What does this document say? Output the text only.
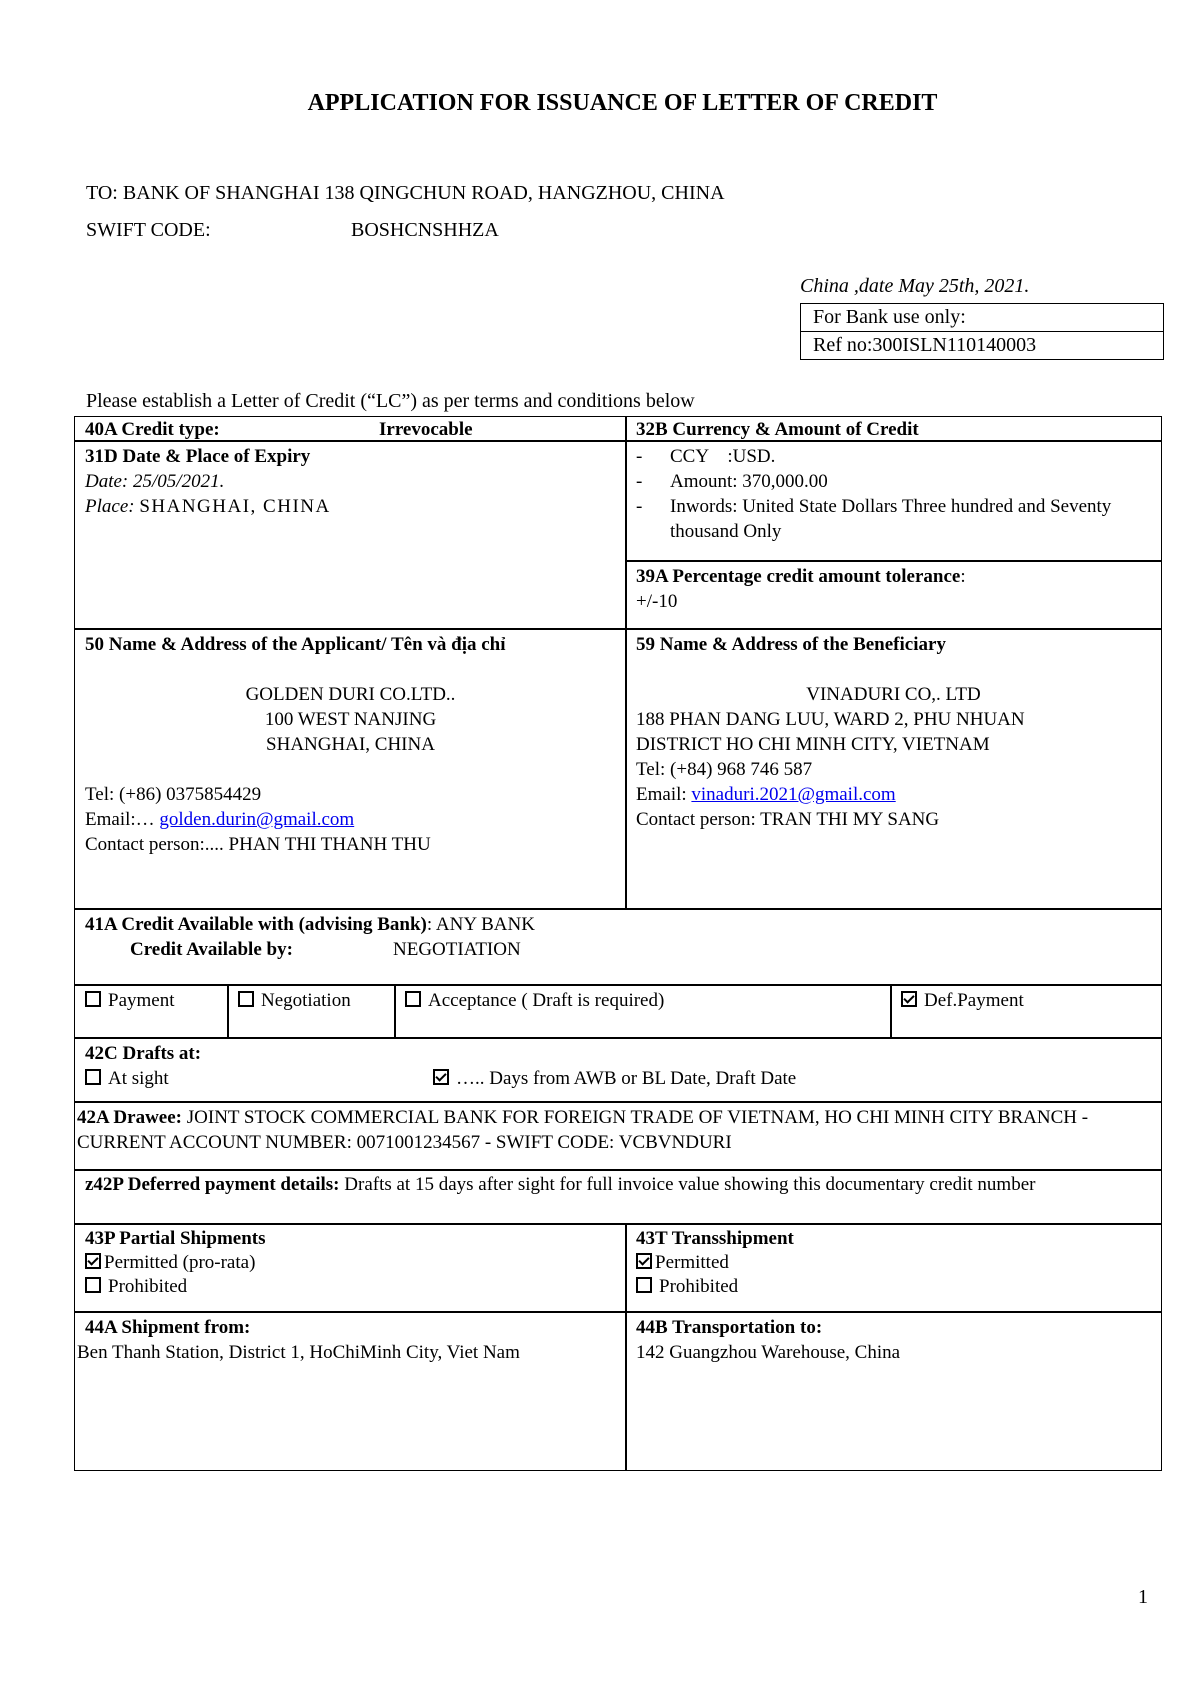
APPLICATION FOR ISSUANCE OF LETTER OF CREDIT
TO: BANK OF SHANGHAI 138 QINGCHUN ROAD, HANGZHOU, CHINA
SWIFT CODE:	BOSHCNSHHZA
China ,date May 25th, 2021.
For Bank use only:
Ref no:300ISLN110140003
Please establish a Letter of Credit (“LC”) as per terms and conditions below
40A Credit type:	Irrevocable	32B Currency & Amount of Credit
31D Date & Place of Expiry
Date: 25/05/2021.
Place: SHANGHAI, CHINA
-	CCY    :USD.
-	Amount: 370,000.00
-	Inwords: United State Dollars Three hundred and Seventy thousand Only
39A Percentage credit amount tolerance:
+/-10
50 Name & Address of the Applicant/ Tên và địa chỉ
GOLDEN DURI CO.LTD..
100 WEST NANJING
SHANGHAI, CHINA
Tel: (+86) 0375854429
Email:… golden.durin@gmail.com
Contact person:.... PHAN THI THANH THU
59 Name & Address of the Beneficiary
VINADURI CO,. LTD
188 PHAN DANG LUU, WARD 2, PHU NHUAN
DISTRICT HO CHI MINH CITY, VIETNAM
Tel: (+84) 968 746 587
Email: vinaduri.2021@gmail.com
Contact person: TRAN THI MY SANG
41A Credit Available with (advising Bank): ANY BANK
Credit Available by:	NEGOTIATION
Payment	Negotiation	Acceptance ( Draft is required)	Def.Payment
42C Drafts at:
At sight	….. Days from AWB or BL Date, Draft Date
42A Drawee: JOINT STOCK COMMERCIAL BANK FOR FOREIGN TRADE OF VIETNAM, HO CHI MINH CITY BRANCH - CURRENT ACCOUNT NUMBER: 0071001234567 - SWIFT CODE: VCBVNDURI
z42P Deferred payment details: Drafts at 15 days after sight for full invoice value showing this documentary credit number
43P Partial Shipments
Permitted (pro-rata)
Prohibited
43T Transshipment
Permitted
Prohibited
44A Shipment from:
Ben Thanh Station, District 1, HoChiMinh City, Viet Nam
44B Transportation to:
142 Guangzhou Warehouse, China
1
